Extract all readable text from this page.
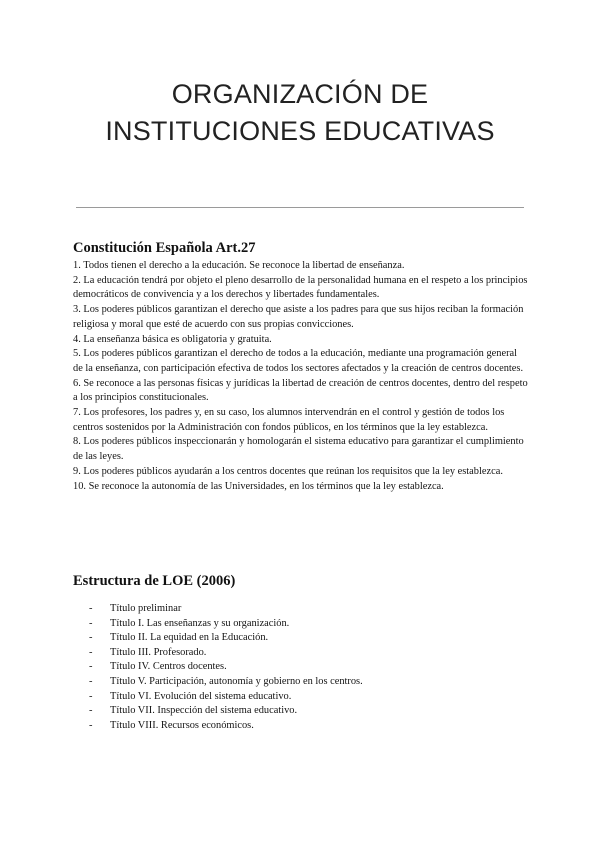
ORGANIZACIÓN DE
INSTITUCIONES EDUCATIVAS
Constitución Española Art.27

1. Todos tienen el derecho a la educación. Se reconoce la libertad de enseñanza.

2. La educación tendrá por objeto el pleno desarrollo de la personalidad humana en el respeto a los principios democráticos de convivencia y a los derechos y libertades fundamentales.

3. Los poderes públicos garantizan el derecho que asiste a los padres para que sus hijos reciban la formación religiosa y moral que esté de acuerdo con sus propias convicciones.

4. La enseñanza básica es obligatoria y gratuita.

5. Los poderes públicos garantizan el derecho de todos a la educación, mediante una programación general de la enseñanza, con participación efectiva de todos los sectores afectados y la creación de centros docentes.

6. Se reconoce a las personas físicas y jurídicas la libertad de creación de centros docentes, dentro del respeto a los principios constitucionales.

7. Los profesores, los padres y, en su caso, los alumnos intervendrán en el control y gestión de todos los centros sostenidos por la Administración con fondos públicos, en los términos que la ley establezca.

8. Los poderes públicos inspeccionarán y homologarán el sistema educativo para garantizar el cumplimiento de las leyes.

9. Los poderes públicos ayudarán a los centros docentes que reúnan los requisitos que la ley establezca.

10. Se reconoce la autonomía de las Universidades, en los términos que la ley establezca.

Estructura de LOE (2006)
- Título preliminar
- Título I. Las enseñanzas y su organización.
- Título II. La equidad en la Educación.
- Título III. Profesorado.
- Título IV. Centros docentes.
- Título V. Participación, autonomía y gobierno en los centros.
- Título VI. Evolución del sistema educativo.
- Título VII. Inspección del sistema educativo.
- Título VIII. Recursos económicos.
